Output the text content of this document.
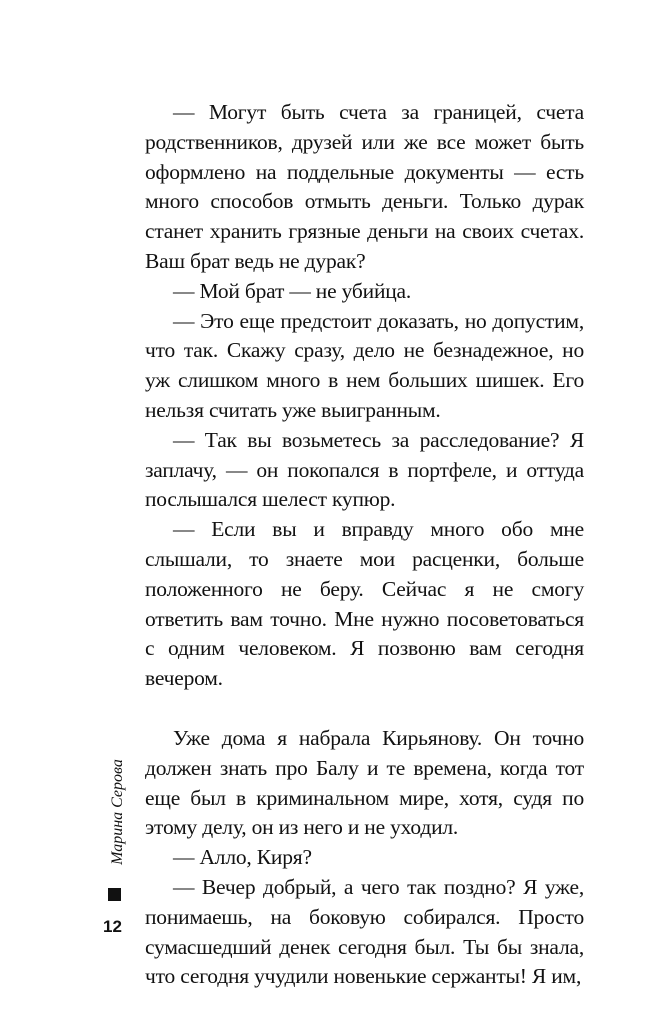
— Могут быть счета за границей, счета родственников, друзей или же все может быть оформлено на поддельные документы — есть много способов отмыть деньги. Только дурак станет хранить грязные деньги на своих счетах. Ваш брат ведь не дурак?

— Мой брат — не убийца.

— Это еще предстоит доказать, но допустим, что так. Скажу сразу, дело не безнадежное, но уж слишком много в нем больших шишек. Его нельзя считать уже выигранным.

— Так вы возьметесь за расследование? Я заплачу, — он покопался в портфеле, и оттуда послышался шелест купюр.

— Если вы и вправду много обо мне слышали, то знаете мои расценки, больше положенного не беру. Сейчас я не смогу ответить вам точно. Мне нужно посоветоваться с одним человеком. Я позвоню вам сегодня вечером.

Уже дома я набрала Кирьянову. Он точно должен знать про Балу и те времена, когда тот еще был в криминальном мире, хотя, судя по этому делу, он из него и не уходил.

— Алло, Киря?

— Вечер добрый, а чего так поздно? Я уже, понимаешь, на боковую собирался. Просто сумасшедший денек сегодня был. Ты бы знала, что сегодня учудили новенькие сержанты! Я им,

Марина Серова
12
